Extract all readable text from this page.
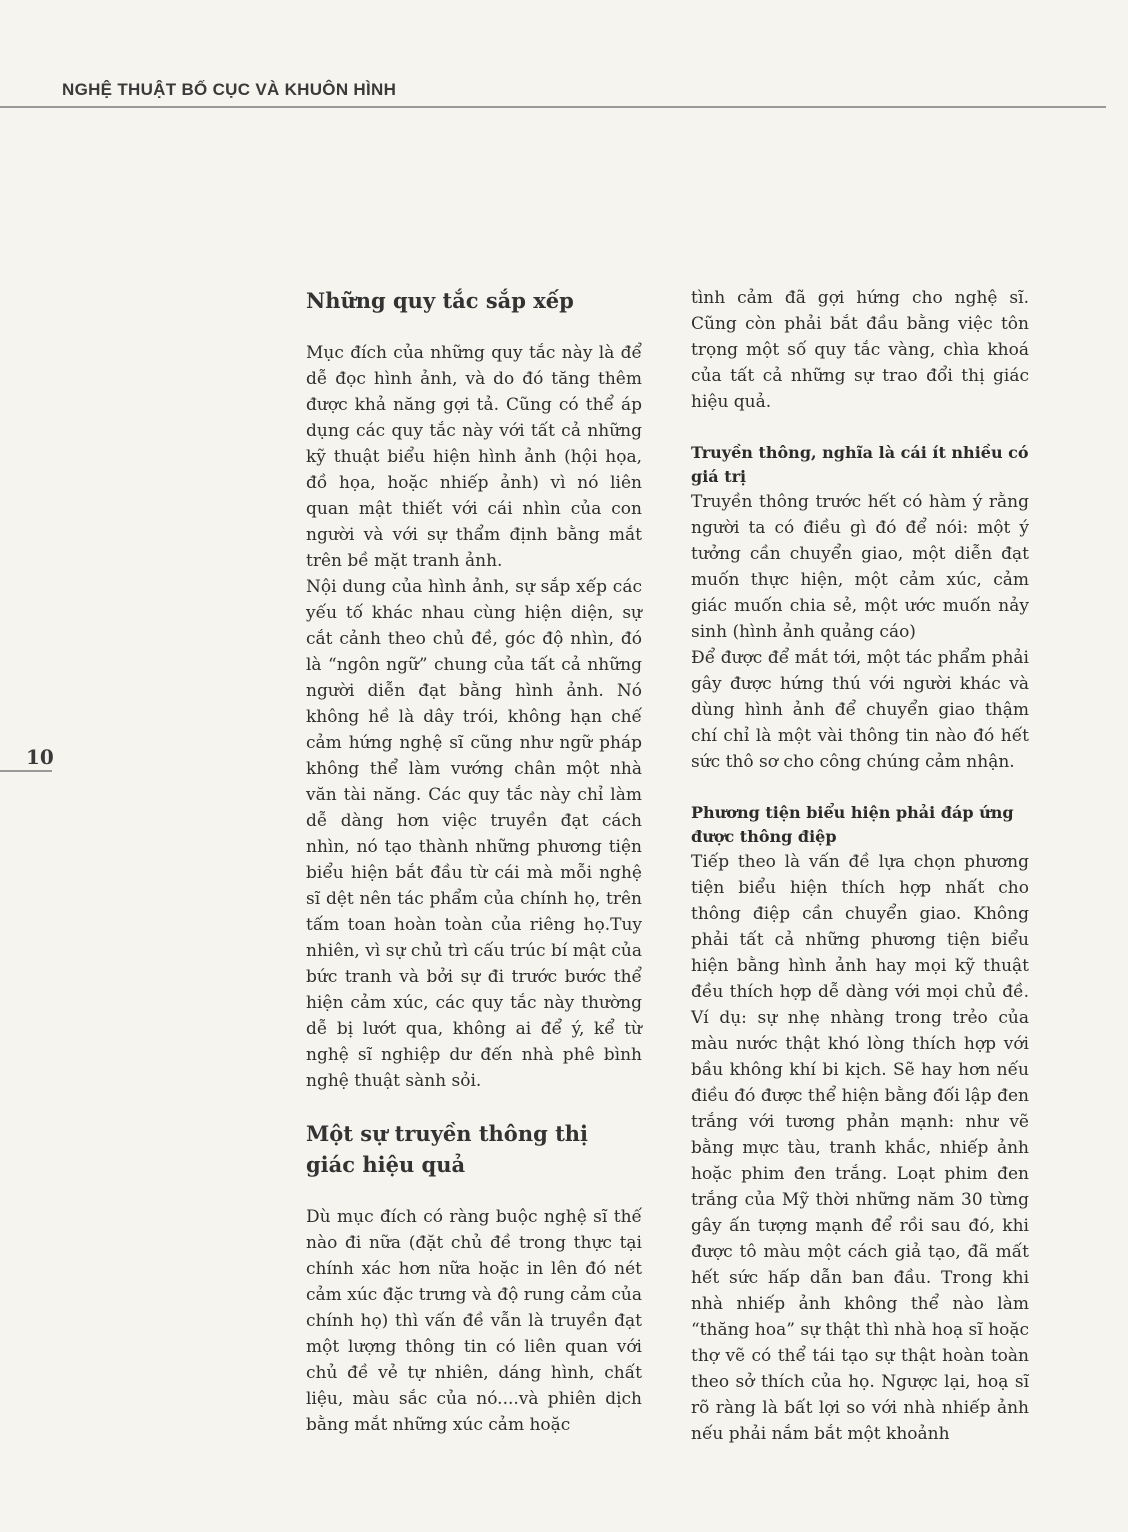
NGHỆ THUẬT BỐ CỤC VÀ KHUÔN HÌNH
10
Những quy tắc sắp xếp

Mục đích của những quy tắc này là để dễ đọc hình ảnh, và do đó tăng thêm được khả năng gợi tả. Cũng có thể áp dụng các quy tắc này với tất cả những kỹ thuật biểu hiện hình ảnh (hội họa, đồ họa, hoặc nhiếp ảnh) vì nó liên quan mật thiết với cái nhìn của con người và với sự thẩm định bằng mắt trên bề mặt tranh ảnh.

Nội dung của hình ảnh, sự sắp xếp các yếu tố khác nhau cùng hiện diện, sự cắt cảnh theo chủ đề, góc độ nhìn, đó là “ngôn ngữ” chung của tất cả những người diễn đạt bằng hình ảnh. Nó không hề là dây trói, không hạn chế cảm hứng nghệ sĩ cũng như ngữ pháp không thể làm vướng chân một nhà văn tài năng. Các quy tắc này chỉ làm dễ dàng hơn việc truyền đạt cách nhìn, nó tạo thành những phương tiện biểu hiện bắt đầu từ cái mà mỗi nghệ sĩ dệt nên tác phẩm của chính họ, trên tấm toan hoàn toàn của riêng họ.Tuy nhiên, vì sự chủ trì cấu trúc bí mật của bức tranh và bởi sự đi trước bước thể hiện cảm xúc, các quy tắc này thường dễ bị lướt qua, không ai để ý, kể từ nghệ sĩ nghiệp dư đến nhà phê bình nghệ thuật sành sỏi.

Một sự truyền thông thị giác hiệu quả

Dù mục đích có ràng buộc nghệ sĩ thế nào đi nữa (đặt chủ đề trong thực tại chính xác hơn nữa hoặc in lên đó nét cảm xúc đặc trưng và độ rung cảm của chính họ) thì vấn đề vẫn là truyền đạt một lượng thông tin có liên quan với chủ đề vẻ tự nhiên, dáng hình, chất liệu, màu sắc của nó....và phiên dịch bằng mắt những xúc cảm hoặc

tình cảm đã gợi hứng cho nghệ sĩ. Cũng còn phải bắt đầu bằng việc tôn trọng một số quy tắc vàng, chìa khoá của tất cả những sự trao đổi thị giác hiệu quả.

Truyền thông, nghĩa là cái ít nhiều có giá trị

Truyền thông trước hết có hàm ý rằng người ta có điều gì đó để nói: một ý tưởng cần chuyển giao, một diễn đạt muốn thực hiện, một cảm xúc, cảm giác muốn chia sẻ, một ước muốn nảy sinh (hình ảnh quảng cáo)

Để được để mắt tới, một tác phẩm phải gây được hứng thú với người khác và dùng hình ảnh để chuyển giao thậm chí chỉ là một vài thông tin nào đó hết sức thô sơ cho công chúng cảm nhận.

Phương tiện biểu hiện phải đáp ứng được thông điệp

Tiếp theo là vấn đề lựa chọn phương tiện biểu hiện thích hợp nhất cho thông điệp cần chuyển giao. Không phải tất cả những phương tiện biểu hiện bằng hình ảnh hay mọi kỹ thuật đều thích hợp dễ dàng với mọi chủ đề. Ví dụ: sự nhẹ nhàng trong trẻo của màu nước thật khó lòng thích hợp với bầu không khí bi kịch. Sẽ hay hơn nếu điều đó được thể hiện bằng đối lập đen trắng với tương phản mạnh: như vẽ bằng mực tàu, tranh khắc, nhiếp ảnh hoặc phim đen trắng. Loạt phim đen trắng của Mỹ thời những năm 30 từng gây ấn tượng mạnh để rồi sau đó, khi được tô màu một cách giả tạo, đã mất hết sức hấp dẫn ban đầu. Trong khi nhà nhiếp ảnh không thể nào làm “thăng hoa” sự thật thì nhà hoạ sĩ hoặc thợ vẽ có thể tái tạo sự thật hoàn toàn theo sở thích của họ. Ngược lại, hoạ sĩ rõ ràng là bất lợi so với nhà nhiếp ảnh nếu phải nắm bắt một khoảnh
